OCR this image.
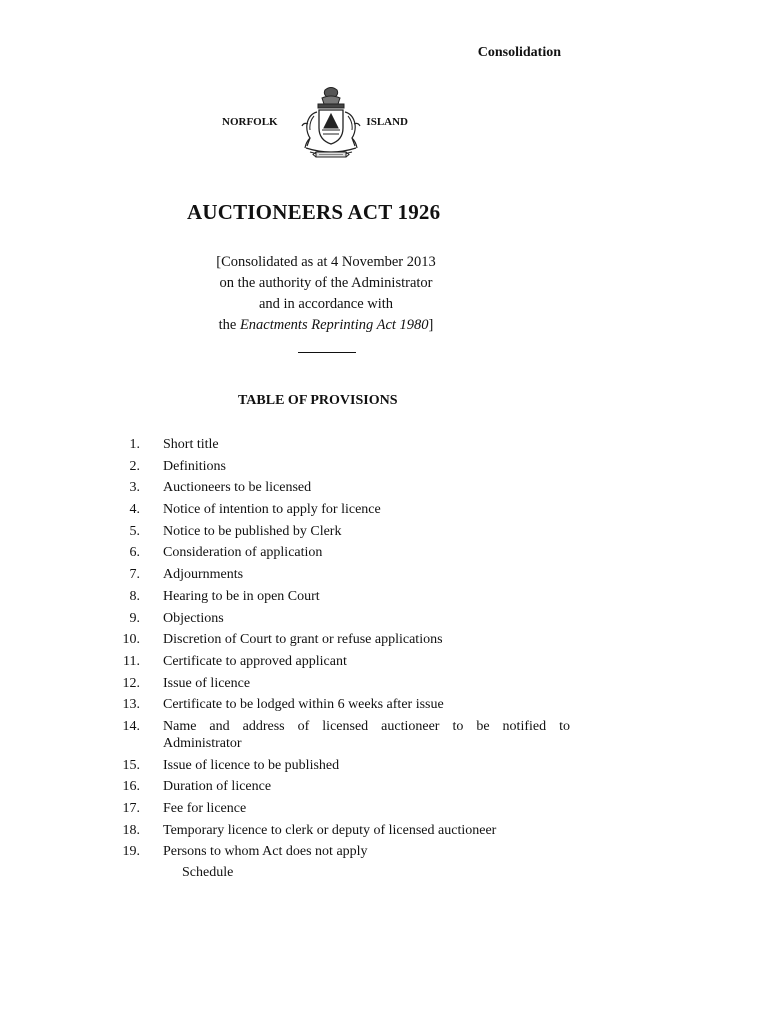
Consolidation
NORFOLK	ISLAND
AUCTIONEERS ACT 1926
[Consolidated as at 4 November 2013
on the authority of the Administrator
and in accordance with
the Enactments Reprinting Act 1980]
TABLE OF PROVISIONS
1. Short title
2. Definitions
3. Auctioneers to be licensed
4. Notice of intention to apply for licence
5. Notice to be published by Clerk
6. Consideration of application
7. Adjournments
8. Hearing to be in open Court
9. Objections
10. Discretion of Court to grant or refuse applications
11. Certificate to approved applicant
12. Issue of licence
13. Certificate to be lodged within 6 weeks after issue
14. Name and address of licensed auctioneer to be notified to
Administrator
15. Issue of licence to be published
16. Duration of licence
17. Fee for licence
18. Temporary licence to clerk or deputy of licensed auctioneer
19. Persons to whom Act does not apply
Schedule
